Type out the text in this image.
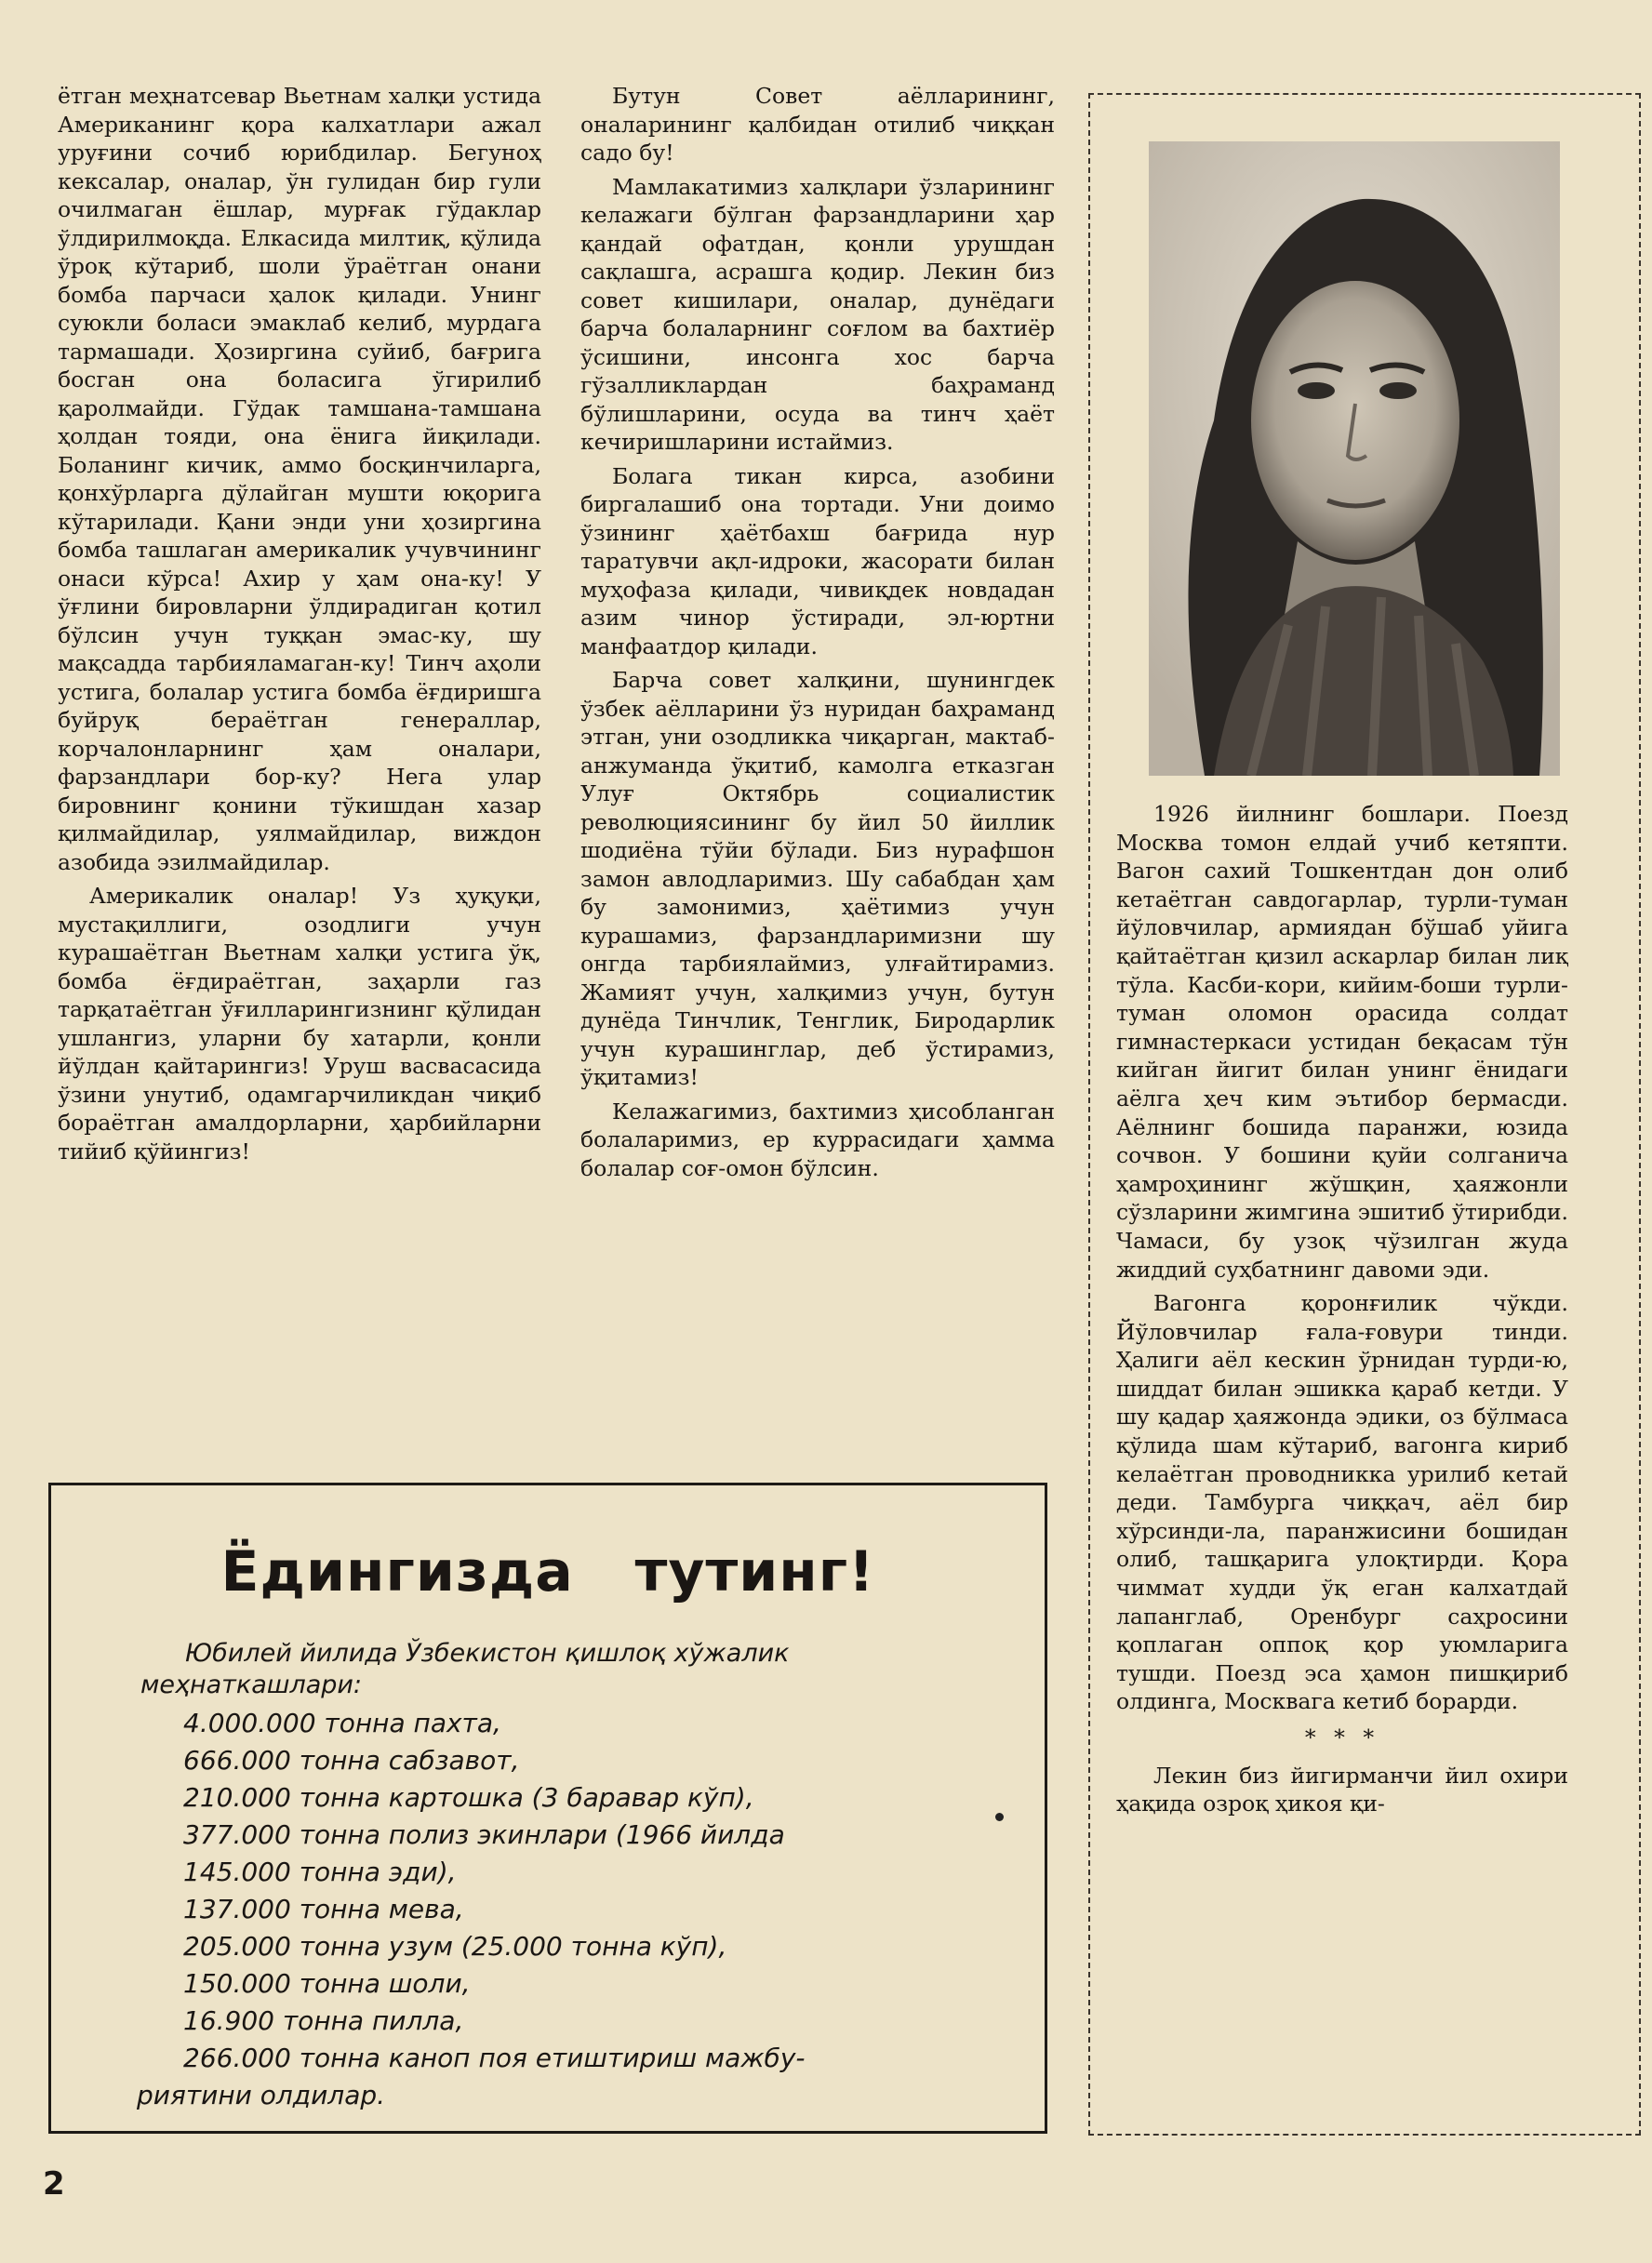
ётган меҳнатсевар Вьетнам халқи устида Американинг қора калхатлари ажал уруғини сочиб юрибдилар. Бегуноҳ кексалар, оналар, ўн гулидан бир гули очилмаган ёшлар, мурғак гўдаклар ўлдирилмоқда. Елкасида милтиқ, қўлида ўроқ кўтариб, шоли ўраётган онани бомба парчаси ҳалок қилади. Унинг суюкли боласи эмаклаб келиб, мурдага тармашади. Ҳозиргина суйиб, бағрига босган она боласига ўгирилиб қаролмайди. Гўдак тамшана-тамшана ҳолдан тояди, она ёнига йиқилади. Боланинг кичик, аммо босқинчиларга, қонхўрларга дўлайган мушти юқорига кўтарилади. Қани энди уни ҳозиргина бомба ташлаган америкалик учувчининг онаси кўрса! Ахир у ҳам она-ку! У ўғлини бировларни ўлдирадиган қотил бўлсин учун туққан эмас-ку, шу мақсадда тарбияламаган-ку! Тинч аҳоли устига, болалар устига бомба ёғдиришга буйруқ бераётган генераллар, корчалонларнинг ҳам оналари, фарзандлари бор-ку? Нега улар бировнинг қонини тўкишдан хазар қилмайдилар, уялмайдилар, виждон азобида эзилмайдилар.

Америкалик оналар! Уз ҳуқуқи, мустақиллиги, озодлиги учун курашаётган Вьетнам халқи устига ўқ, бомба ёғдираётган, заҳарли газ тарқатаётган ўғилларингизнинг қўлидан ушлангиз, уларни бу хатарли, қонли йўлдан қайтарингиз! Уруш васвасасида ўзини унутиб, одамгарчиликдан чиқиб бораётган амалдорларни, ҳарбийларни тийиб қўйингиз!

Бутун Совет аёлларининг, оналарининг қалбидан отилиб чиққан садо бу!

Мамлакатимиз халқлари ўзларининг келажаги бўлган фарзандларини ҳар қандай офатдан, қонли урушдан сақлашга, асрашга қодир. Лекин биз совет кишилари, оналар, дунёдаги барча болаларнинг соғлом ва бахтиёр ўсишини, инсонга хос барча гўзалликлардан баҳраманд бўлишларини, осуда ва тинч ҳаёт кечиришларини истаймиз.

Болага тикан кирса, азобини биргалашиб она тортади. Уни доимо ўзининг ҳаётбахш бағрида нур таратувчи ақл-идроки, жасорати билан муҳофаза қилади, чивиқдек новдадан азим чинор ўстиради, эл-юртни манфаатдор қилади.

Барча совет халқини, шунингдек ўзбек аёлларини ўз нуридан баҳраманд этган, уни озодликка чиқарган, мактаб-анжуманда ўқитиб, камолга етказган Улуғ Октябрь социалистик революциясининг бу йил 50 йиллик шодиёна тўйи бўлади. Биз нурафшон замон авлодларимиз. Шу сабабдан ҳам бу замонимиз, ҳаётимиз учун курашамиз, фарзандларимизни шу онгда тарбиялаймиз, улғайтирамиз. Жамият учун, халқимиз учун, бутун дунёда Тинчлик, Тенглик, Биродарлик учун курашинглар, деб ўстирамиз, ўқитамиз!

Келажагимиз, бахтимиз ҳисобланган болаларимиз, ер куррасидаги ҳамма болалар соғ-омон бўлсин.

Ёдингизда тутинг!
Юбилей йилида Ўзбекистон қишлоқ хўжалик меҳнаткашлари:
4.000.000 тонна пахта,
666.000 тонна сабзавот,
210.000 тонна картошка (3 баравар кўп),
377.000 тонна полиз экинлари (1966 йилда
145.000 тонна эди),
137.000 тонна мева,
205.000 тонна узум (25.000 тонна кўп),
150.000 тонна шоли,
16.900 тонна пилла,
266.000 тонна каноп поя етиштириш мажбу-
риятини олдилар.

1926 йилнинг бошлари. Поезд Москва томон елдай учиб кетяпти. Вагон сахий Тошкентдан дон олиб кетаётган савдогарлар, турли-туман йўловчилар, армиядан бўшаб уйига қайтаётган қизил аскарлар билан лиқ тўла. Касби-кори, кийим-боши турли-туман оломон орасида солдат гимнастеркаси устидан беқасам тўн кийган йигит билан унинг ёнидаги аёлга ҳеч ким эътибор бермасди. Аёлнинг бошида паранжи, юзида сочвон. У бошини қуйи солганича ҳамроҳининг жўшқин, ҳаяжонли сўзларини жимгина эшитиб ўтирибди. Чамаси, бу узоқ чўзилган жуда жиддий суҳбатнинг давоми эди.

Вагонга қоронғилик чўкди. Йўловчилар ғала-ғовури тинди. Ҳалиги аёл кескин ўрнидан турди-ю, шиддат билан эшикка қараб кетди. У шу қадар ҳаяжонда эдики, оз бўлмаса қўлида шам кўтариб, вагонга кириб келаётган проводникка урилиб кетай деди. Тамбурга чиққач, аёл бир хўрсинди-ла, паранжисини бошидан олиб, ташқарига улоқтирди. Қора чиммат худди ўқ еган калхатдай лапанглаб, Оренбург саҳросини қоплаган оппоқ қор уюмларига тушди. Поезд эса ҳамон пишқириб олдинга, Москвага кетиб борарди.

* * *

Лекин биз йигирманчи йил охири ҳақида озроқ ҳикоя қи-

2
